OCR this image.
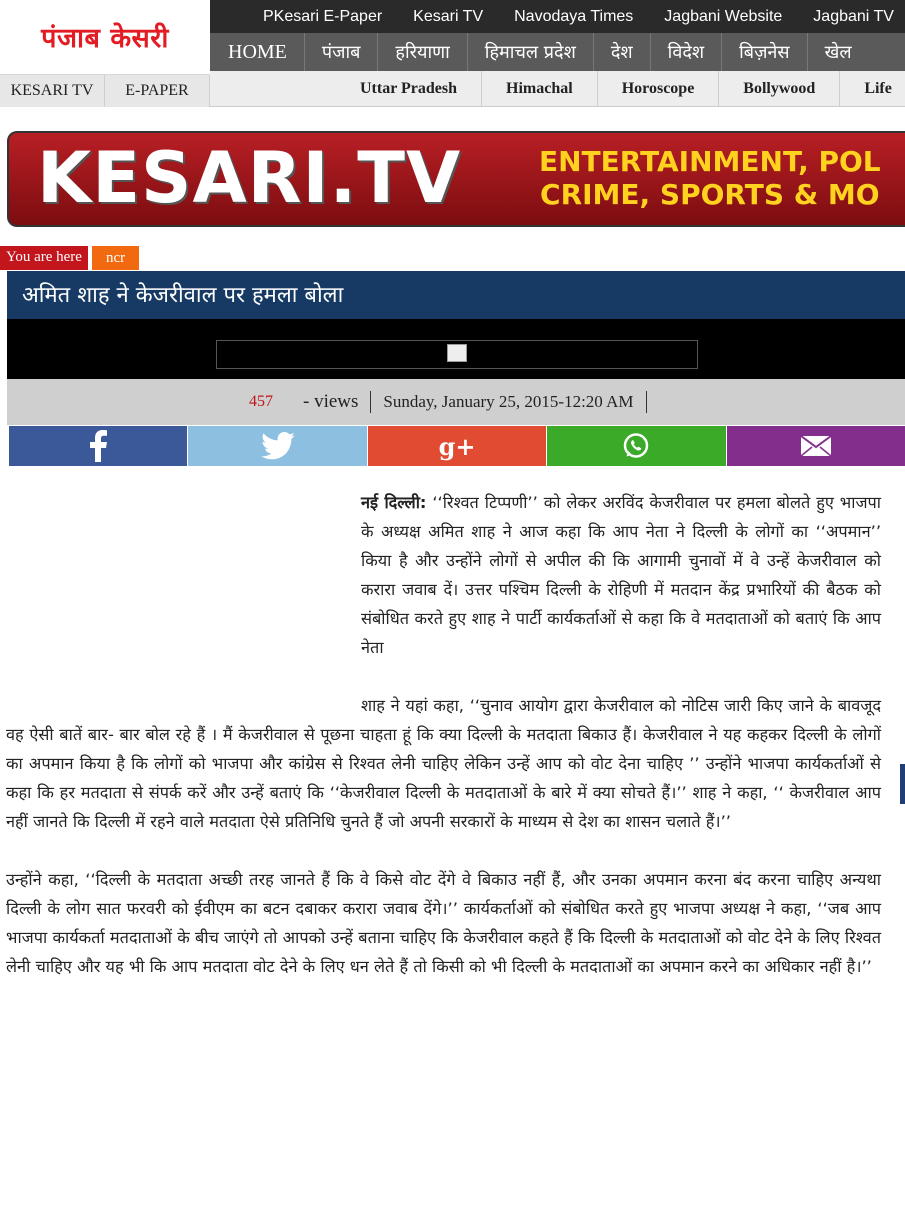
पंजाब केसरी
KESARI TV E-PAPER
PKesari E-Paper Kesari TV Navodaya Times Jagbani Website Jagbani TV
HOME	पंजाब	हरियाणा	हिमाचल प्रदेश	देश	विदेश	बिज़नेस	खेल
Uttar Pradesh	Himachal	Horoscope	Bollywood	Life
KESARI.TV	ENTERTAINMENT, POL
CRIME, SPORTS & MO
You are here	ncr
अमित शाह ने केजरीवाल पर हमला बोला
457 - views Sunday, January 25, 2015-12:20 AM
g+
नई दिल्ली: ‘‘रिश्वत टिप्पणी’’ को लेकर अरविंद केजरीवाल पर हमला बोलते हुए भाजपा के अध्यक्ष अमित शाह ने आज कहा कि आप नेता ने दिल्ली के लोगों का ‘‘अपमान’’ किया है और उन्होंने लोगों से अपील की कि आगामी चुनावों में वे उन्हें केजरीवाल को करारा जवाब दें। उत्तर पश्चिम दिल्ली के रोहिणी में मतदान केंद्र प्रभारियों की बैठक को संबोधित करते हुए शाह ने पार्टी कार्यकर्ताओं से कहा कि वे मतदाताओं को बताएं कि आप नेता
शाह ने यहां कहा, ‘‘चुनाव आयोग द्वारा केजरीवाल को नोटिस जारी किए जाने के बावजूद वह ऐसी बातें बार- बार बोल रहे हैं । मैं केजरीवाल से पूछना चाहता हूं कि क्या दिल्ली के मतदाता बिकाउ हैं। केजरीवाल ने यह कहकर दिल्ली के लोगों का अपमान किया है कि लोगों को भाजपा और कांग्रेस से रिश्वत लेनी चाहिए लेकिन उन्हें आप को वोट देना चाहिए ’’ उन्होंने भाजपा कार्यकर्ताओं से कहा कि हर मतदाता से संपर्क करें और उन्हें बताएं कि ‘‘केजरीवाल दिल्ली के मतदाताओं के बारे में क्या सोचते हैं।’’ शाह ने कहा, ‘‘ केजरीवाल आप नहीं जानते कि दिल्ली में रहने वाले मतदाता ऐसे प्रतिनिधि चुनते हैं जो अपनी सरकारों के माध्यम से देश का शासन चलाते हैं।’’
उन्होंने कहा, ‘‘दिल्ली के मतदाता अच्छी तरह जानते हैं कि वे किसे वोट देंगे वे बिकाउ नहीं हैं, और उनका अपमान करना बंद करना चाहिए अन्यथा दिल्ली के लोग सात फरवरी को ईवीएम का बटन दबाकर करारा जवाब देंगे।’’ कार्यकर्ताओं को संबोधित करते हुए भाजपा अध्यक्ष ने कहा, ‘‘जब आप भाजपा कार्यकर्ता मतदाताओं के बीच जाएंगे तो आपको उन्हें बताना चाहिए कि केजरीवाल कहते हैं कि दिल्ली के मतदाताओं को वोट देने के लिए रिश्वत लेनी चाहिए और यह भी कि आप मतदाता वोट देने के लिए धन लेते हैं तो किसी को भी दिल्ली के मतदाताओं का अपमान करने का अधिकार नहीं है।’’
